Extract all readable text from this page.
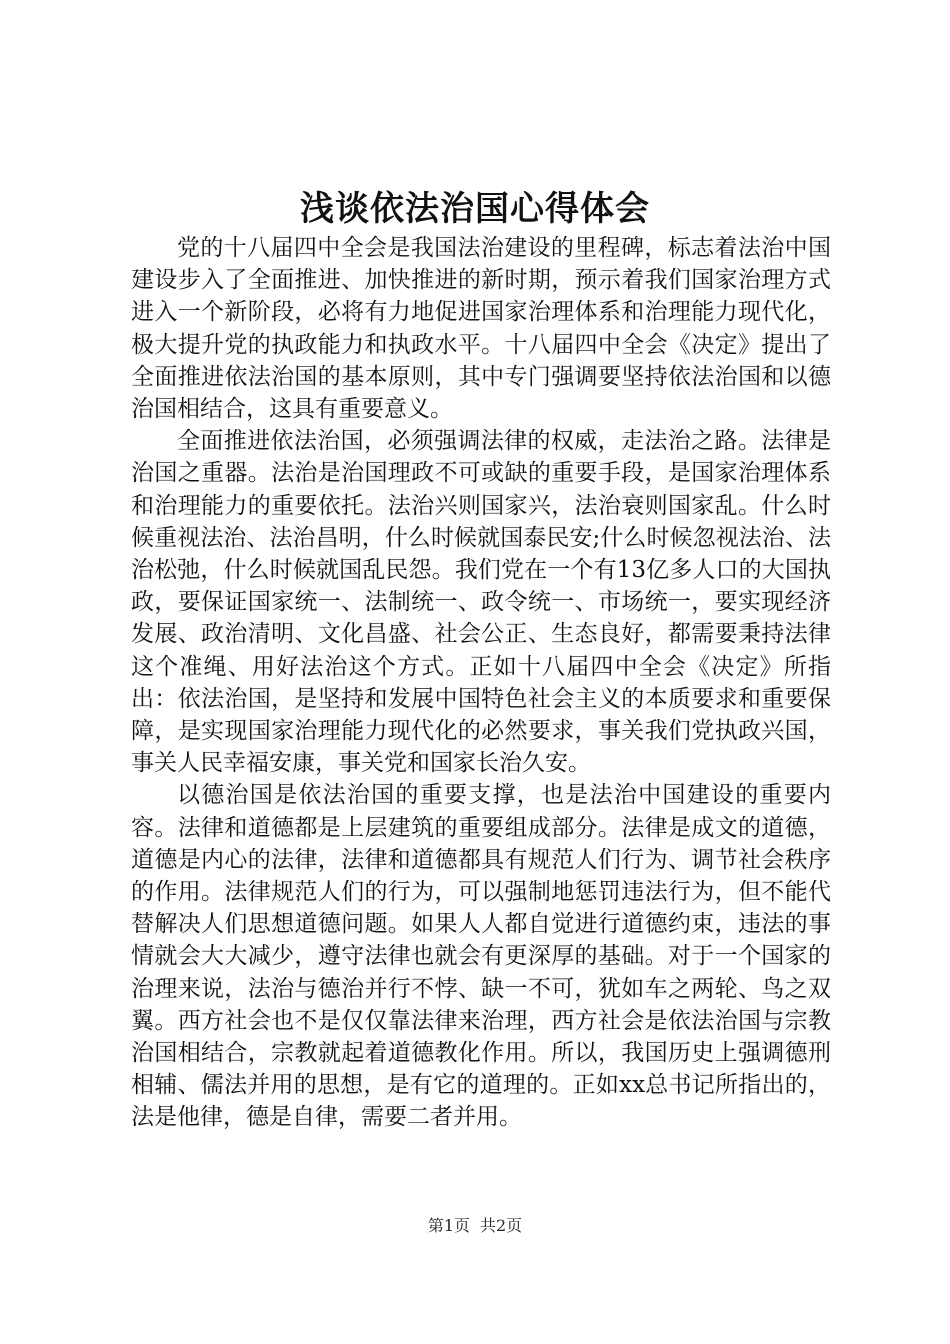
浅谈依法治国心得体会

党的十八届四中全会是我国法治建设的里程碑，标志着法治中国建设步入了全面推进、加快推进的新时期，预示着我们国家治理方式进入一个新阶段，必将有力地促进国家治理体系和治理能力现代化，极大提升党的执政能力和执政水平。十八届四中全会《决定》提出了全面推进依法治国的基本原则，其中专门强调要坚持依法治国和以德治国相结合，这具有重要意义。

全面推进依法治国，必须强调法律的权威，走法治之路。法律是治国之重器。法治是治国理政不可或缺的重要手段，是国家治理体系和治理能力的重要依托。法治兴则国家兴，法治衰则国家乱。什么时候重视法治、法治昌明，什么时候就国泰民安;什么时候忽视法治、法治松弛，什么时候就国乱民怨。我们党在一个有13亿多人口的大国执政，要保证国家统一、法制统一、政令统一、市场统一，要实现经济发展、政治清明、文化昌盛、社会公正、生态良好，都需要秉持法律这个准绳、用好法治这个方式。正如十八届四中全会《决定》所指出：依法治国，是坚持和发展中国特色社会主义的本质要求和重要保障，是实现国家治理能力现代化的必然要求，事关我们党执政兴国，事关人民幸福安康，事关党和国家长治久安。

以德治国是依法治国的重要支撑，也是法治中国建设的重要内容。法律和道德都是上层建筑的重要组成部分。法律是成文的道德，道德是内心的法律，法律和道德都具有规范人们行为、调节社会秩序的作用。法律规范人们的行为，可以强制地惩罚违法行为，但不能代替解决人们思想道德问题。如果人人都自觉进行道德约束，违法的事情就会大大减少，遵守法律也就会有更深厚的基础。对于一个国家的治理来说，法治与德治并行不悖、缺一不可，犹如车之两轮、鸟之双翼。西方社会也不是仅仅靠法律来治理，西方社会是依法治国与宗教治国相结合，宗教就起着道德教化作用。所以，我国历史上强调德刑相辅、儒法并用的思想，是有它的道理的。正如xx总书记所指出的，法是他律，德是自律，需要二者并用。

第1页 共2页
